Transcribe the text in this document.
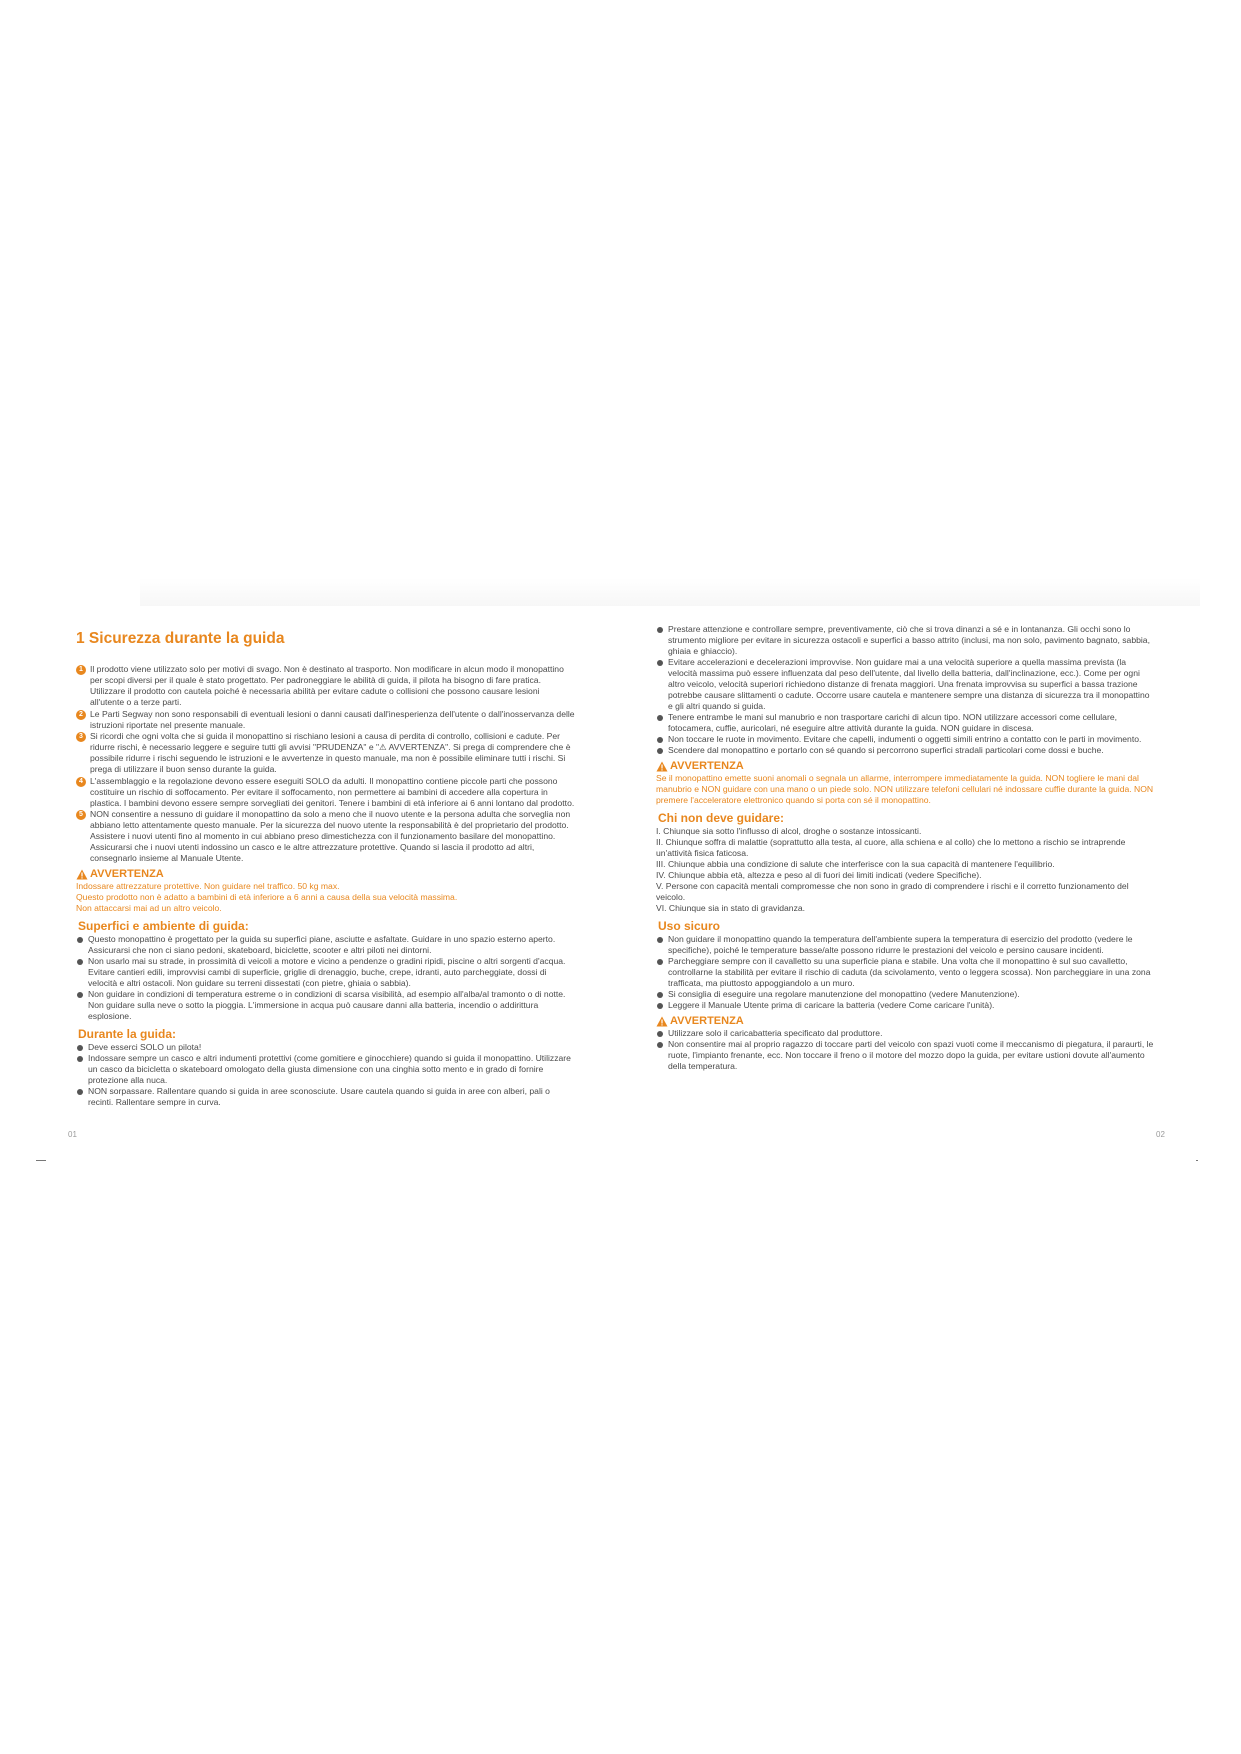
1 Sicurezza durante la guida
1 Il prodotto viene utilizzato solo per motivi di svago. Non è destinato al trasporto. Non modificare in alcun modo il monopattino per scopi diversi per il quale è stato progettato. Per padroneggiare le abilità di guida, il pilota ha bisogno di fare pratica. Utilizzare il prodotto con cautela poiché è necessaria abilità per evitare cadute o collisioni che possono causare lesioni all'utente o a terze parti.
2 Le Parti Segway non sono responsabili di eventuali lesioni o danni causati dall'inesperienza dell'utente o dall'inosservanza delle istruzioni riportate nel presente manuale.
3 Si ricordi che ogni volta che si guida il monopattino si rischiano lesioni a causa di perdita di controllo, collisioni e cadute. Per ridurre rischi, è necessario leggere e seguire tutti gli avvisi "PRUDENZA" e "⚠ AVVERTENZA". Si prega di comprendere che è possibile ridurre i rischi seguendo le istruzioni e le avvertenze in questo manuale, ma non è possibile eliminare tutti i rischi. Si prega di utilizzare il buon senso durante la guida.
4 L'assemblaggio e la regolazione devono essere eseguiti SOLO da adulti. Il monopattino contiene piccole parti che possono costituire un rischio di soffocamento. Per evitare il soffocamento, non permettere ai bambini di accedere alla copertura in plastica. I bambini devono essere sempre sorvegliati dei genitori. Tenere i bambini di età inferiore ai 6 anni lontano dal prodotto.
5 NON consentire a nessuno di guidare il monopattino da solo a meno che il nuovo utente e la persona adulta che sorveglia non abbiano letto attentamente questo manuale. Per la sicurezza del nuovo utente la responsabilità è del proprietario del prodotto. Assistere i nuovi utenti fino al momento in cui abbiano preso dimestichezza con il funzionamento basilare del monopattino. Assicurarsi che i nuovi utenti indossino un casco e le altre attrezzature protettive. Quando si lascia il prodotto ad altri, consegnarlo insieme al Manuale Utente.
AVVERTENZA

Indossare attrezzature protettive. Non guidare nel traffico. 50 kg max.

Questo prodotto non è adatto a bambini di età inferiore a 6 anni a causa della sua velocità massima.

Non attaccarsi mai ad un altro veicolo.

Superfici e ambiente di guida:
Questo monopattino è progettato per la guida su superfici piane, asciutte e asfaltate. Guidare in uno spazio esterno aperto. Assicurarsi che non ci siano pedoni, skateboard, biciclette, scooter e altri piloti nei dintorni.
Non usarlo mai su strade, in prossimità di veicoli a motore e vicino a pendenze o gradini ripidi, piscine o altri sorgenti d'acqua. Evitare cantieri edili, improvvisi cambi di superficie, griglie di drenaggio, buche, crepe, idranti, auto parcheggiate, dossi di velocità e altri ostacoli. Non guidare su terreni dissestati (con pietre, ghiaia o sabbia).
Non guidare in condizioni di temperatura estreme o in condizioni di scarsa visibilità, ad esempio all'alba/al tramonto o di notte. Non guidare sulla neve o sotto la pioggia. L'immersione in acqua può causare danni alla batteria, incendio o addirittura esplosione.
Durante la guida:
Deve esserci SOLO un pilota!
Indossare sempre un casco e altri indumenti protettivi (come gomitiere e ginocchiere) quando si guida il monopattino. Utilizzare un casco da bicicletta o skateboard omologato della giusta dimensione con una cinghia sotto mento e in grado di fornire protezione alla nuca.
NON sorpassare. Rallentare quando si guida in aree sconosciute. Usare cautela quando si guida in aree con alberi, pali o recinti. Rallentare sempre in curva.
Prestare attenzione e controllare sempre, preventivamente, ciò che si trova dinanzi a sé e in lontananza. Gli occhi sono lo strumento migliore per evitare in sicurezza ostacoli e superfici a basso attrito (inclusi, ma non solo, pavimento bagnato, sabbia, ghiaia e ghiaccio).
Evitare accelerazioni e decelerazioni improvvise. Non guidare mai a una velocità superiore a quella massima prevista (la velocità massima può essere influenzata dal peso dell'utente, dal livello della batteria, dall'inclinazione, ecc.). Come per ogni altro veicolo, velocità superiori richiedono distanze di frenata maggiori. Una frenata improvvisa su superfici a bassa trazione potrebbe causare slittamenti o cadute. Occorre usare cautela e mantenere sempre una distanza di sicurezza tra il monopattino e gli altri quando si guida.
Tenere entrambe le mani sul manubrio e non trasportare carichi di alcun tipo. NON utilizzare accessori come cellulare, fotocamera, cuffie, auricolari, né eseguire altre attività durante la guida. NON guidare in discesa.
Non toccare le ruote in movimento. Evitare che capelli, indumenti o oggetti simili entrino a contatto con le parti in movimento.
Scendere dal monopattino e portarlo con sé quando si percorrono superfici stradali particolari come dossi e buche.
AVVERTENZA

Se il monopattino emette suoni anomali o segnala un allarme, interrompere immediatamente la guida. NON togliere le mani dal manubrio e NON guidare con una mano o un piede solo. NON utilizzare telefoni cellulari né indossare cuffie durante la guida. NON premere l'acceleratore elettronico quando si porta con sé il monopattino.

Chi non deve guidare:

I. Chiunque sia sotto l'influsso di alcol, droghe o sostanze intossicanti.

II. Chiunque soffra di malattie (soprattutto alla testa, al cuore, alla schiena e al collo) che lo mettono a rischio se intraprende un'attività fisica faticosa.

III. Chiunque abbia una condizione di salute che interferisce con la sua capacità di mantenere l'equilibrio.

IV. Chiunque abbia età, altezza e peso al di fuori dei limiti indicati (vedere Specifiche).

V. Persone con capacità mentali compromesse che non sono in grado di comprendere i rischi e il corretto funzionamento del veicolo.

VI. Chiunque sia in stato di gravidanza.

Uso sicuro
Non guidare il monopattino quando la temperatura dell'ambiente supera la temperatura di esercizio del prodotto (vedere le specifiche), poiché le temperature basse/alte possono ridurre le prestazioni del veicolo e persino causare incidenti.
Parcheggiare sempre con il cavalletto su una superficie piana e stabile. Una volta che il monopattino è sul suo cavalletto, controllarne la stabilità per evitare il rischio di caduta (da scivolamento, vento o leggera scossa). Non parcheggiare in una zona trafficata, ma piuttosto appoggiandolo a un muro.
Si consiglia di eseguire una regolare manutenzione del monopattino (vedere Manutenzione).
Leggere il Manuale Utente prima di caricare la batteria (vedere Come caricare l'unità).
AVVERTENZA
Utilizzare solo il caricabatteria specificato dal produttore.
Non consentire mai al proprio ragazzo di toccare parti del veicolo con spazi vuoti come il meccanismo di piegatura, il paraurti, le ruote, l'impianto frenante, ecc. Non toccare il freno o il motore del mozzo dopo la guida, per evitare ustioni dovute all'aumento della temperatura.
01	02
